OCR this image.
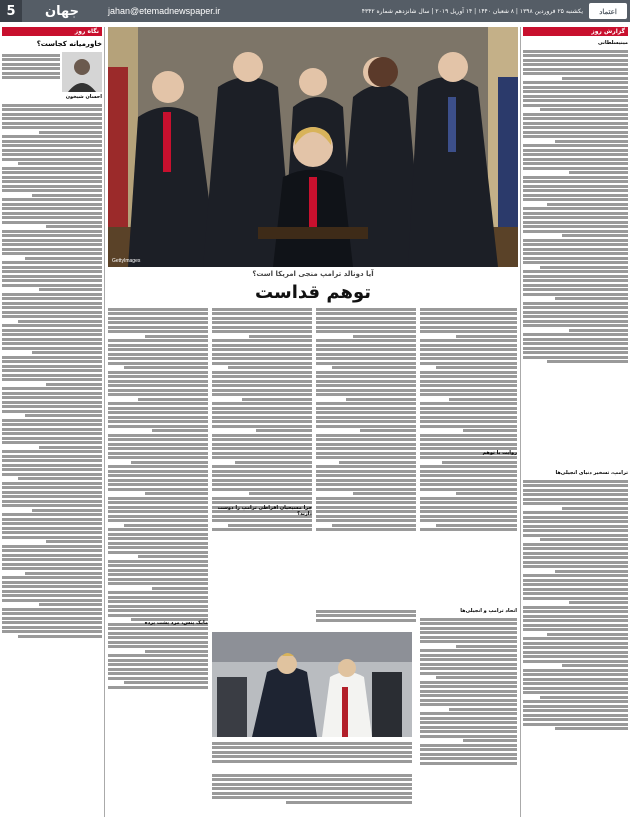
5	جهان	jahan@etemadnewspaper.ir	یکشنبه ۲۵ فروردین ۱۳۹۸ | ۸ شعبان ۱۴۴۰ | ۱۴ آوریل ۲۰۱۹ | سال شانزدهم شماره ۴۳۴۲	اعتماد
نگاه روز
خاورمیانه کجاست؟
احسان شیخون
گزارش روز
مینیسلطانی
ترامپ، تسخیر دنیای انجیلی‌ها
GettyImages
آیا دونالد ترامپ منجی امریکا است؟
توهم قداست
روایت با توهم
چرا مسیحیان افراطی ترامپ را دوست دارند؟
مایک پنس، مرد پشت پرده
اتحاد ترامپ و انجیلی‌ها
